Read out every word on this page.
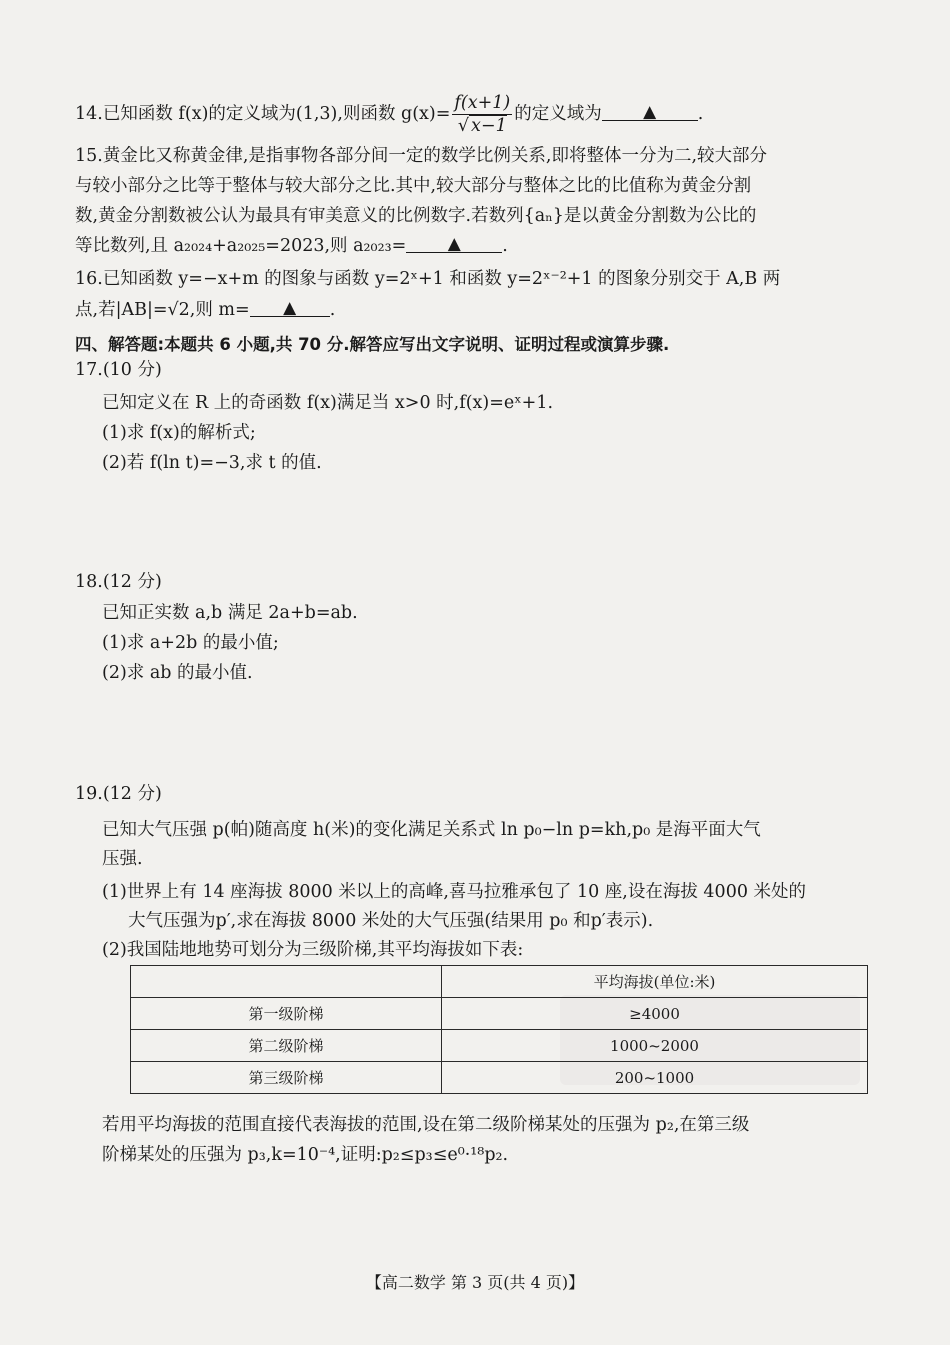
14.已知函数 f(x)的定义域为(1,3),则函数 $g(x)= \frac{f(x+1)}{√ x-1}$ 的定义域为 ▲ .
15.黄金比又称黄金律,是指事物各部分间一定的数学比例关系,即将整体一分为二,较大部分
与较小部分之比等于整体与较大部分之比.其中,较大部分与整体之比的比值称为黄金分割
数,黄金分割数被公认为最具有审美意义的比例数字.若数列{aₙ}是以黄金分割数为公比的
等比数列,且 a₂₀₂₄+a₂₀₂₅=2023,则 a₂₀₂₃= ▲ .
16.已知函数 y=−x+m 的图象与函数 y=2ˣ+1 和函数 y=2ˣ⁻²+1 的图象分别交于 A,B 两
点,若|AB|=√2,则 m= ▲ .
四、解答题:本题共 6 小题,共 70 分.解答应写出文字说明、证明过程或演算步骤.
17.(10 分)
已知定义在 R 上的奇函数 f(x)满足当 x>0 时,f(x)=eˣ+1.
(1)求 f(x)的解析式;
(2)若 f(ln t)=−3,求 t 的值.
18.(12 分)
已知正实数 a,b 满足 2a+b=ab.
(1)求 a+2b 的最小值;
(2)求 ab 的最小值.
19.(12 分)
已知大气压强 p(帕)随高度 h(米)的变化满足关系式 ln p₀−ln p=kh,p₀ 是海平面大气
压强.
(1)世界上有 14 座海拔 8000 米以上的高峰,喜马拉雅承包了 10 座,设在海拔 4000 米处的
大气压强为p′,求在海拔 8000 米处的大气压强(结果用 p₀ 和p′表示).
(2)我国陆地地势可划分为三级阶梯,其平均海拔如下表:
	平均海拔(单位:米)
第一级阶梯	≥4000
第二级阶梯	1000~2000
第三级阶梯	200~1000
若用平均海拔的范围直接代表海拔的范围,设在第二级阶梯某处的压强为 p₂,在第三级
阶梯某处的压强为 p₃,k=10⁻⁴,证明:p₂≤p₃≤e⁰·¹⁸p₂.
【高二数学 第 3 页(共 4 页)】
